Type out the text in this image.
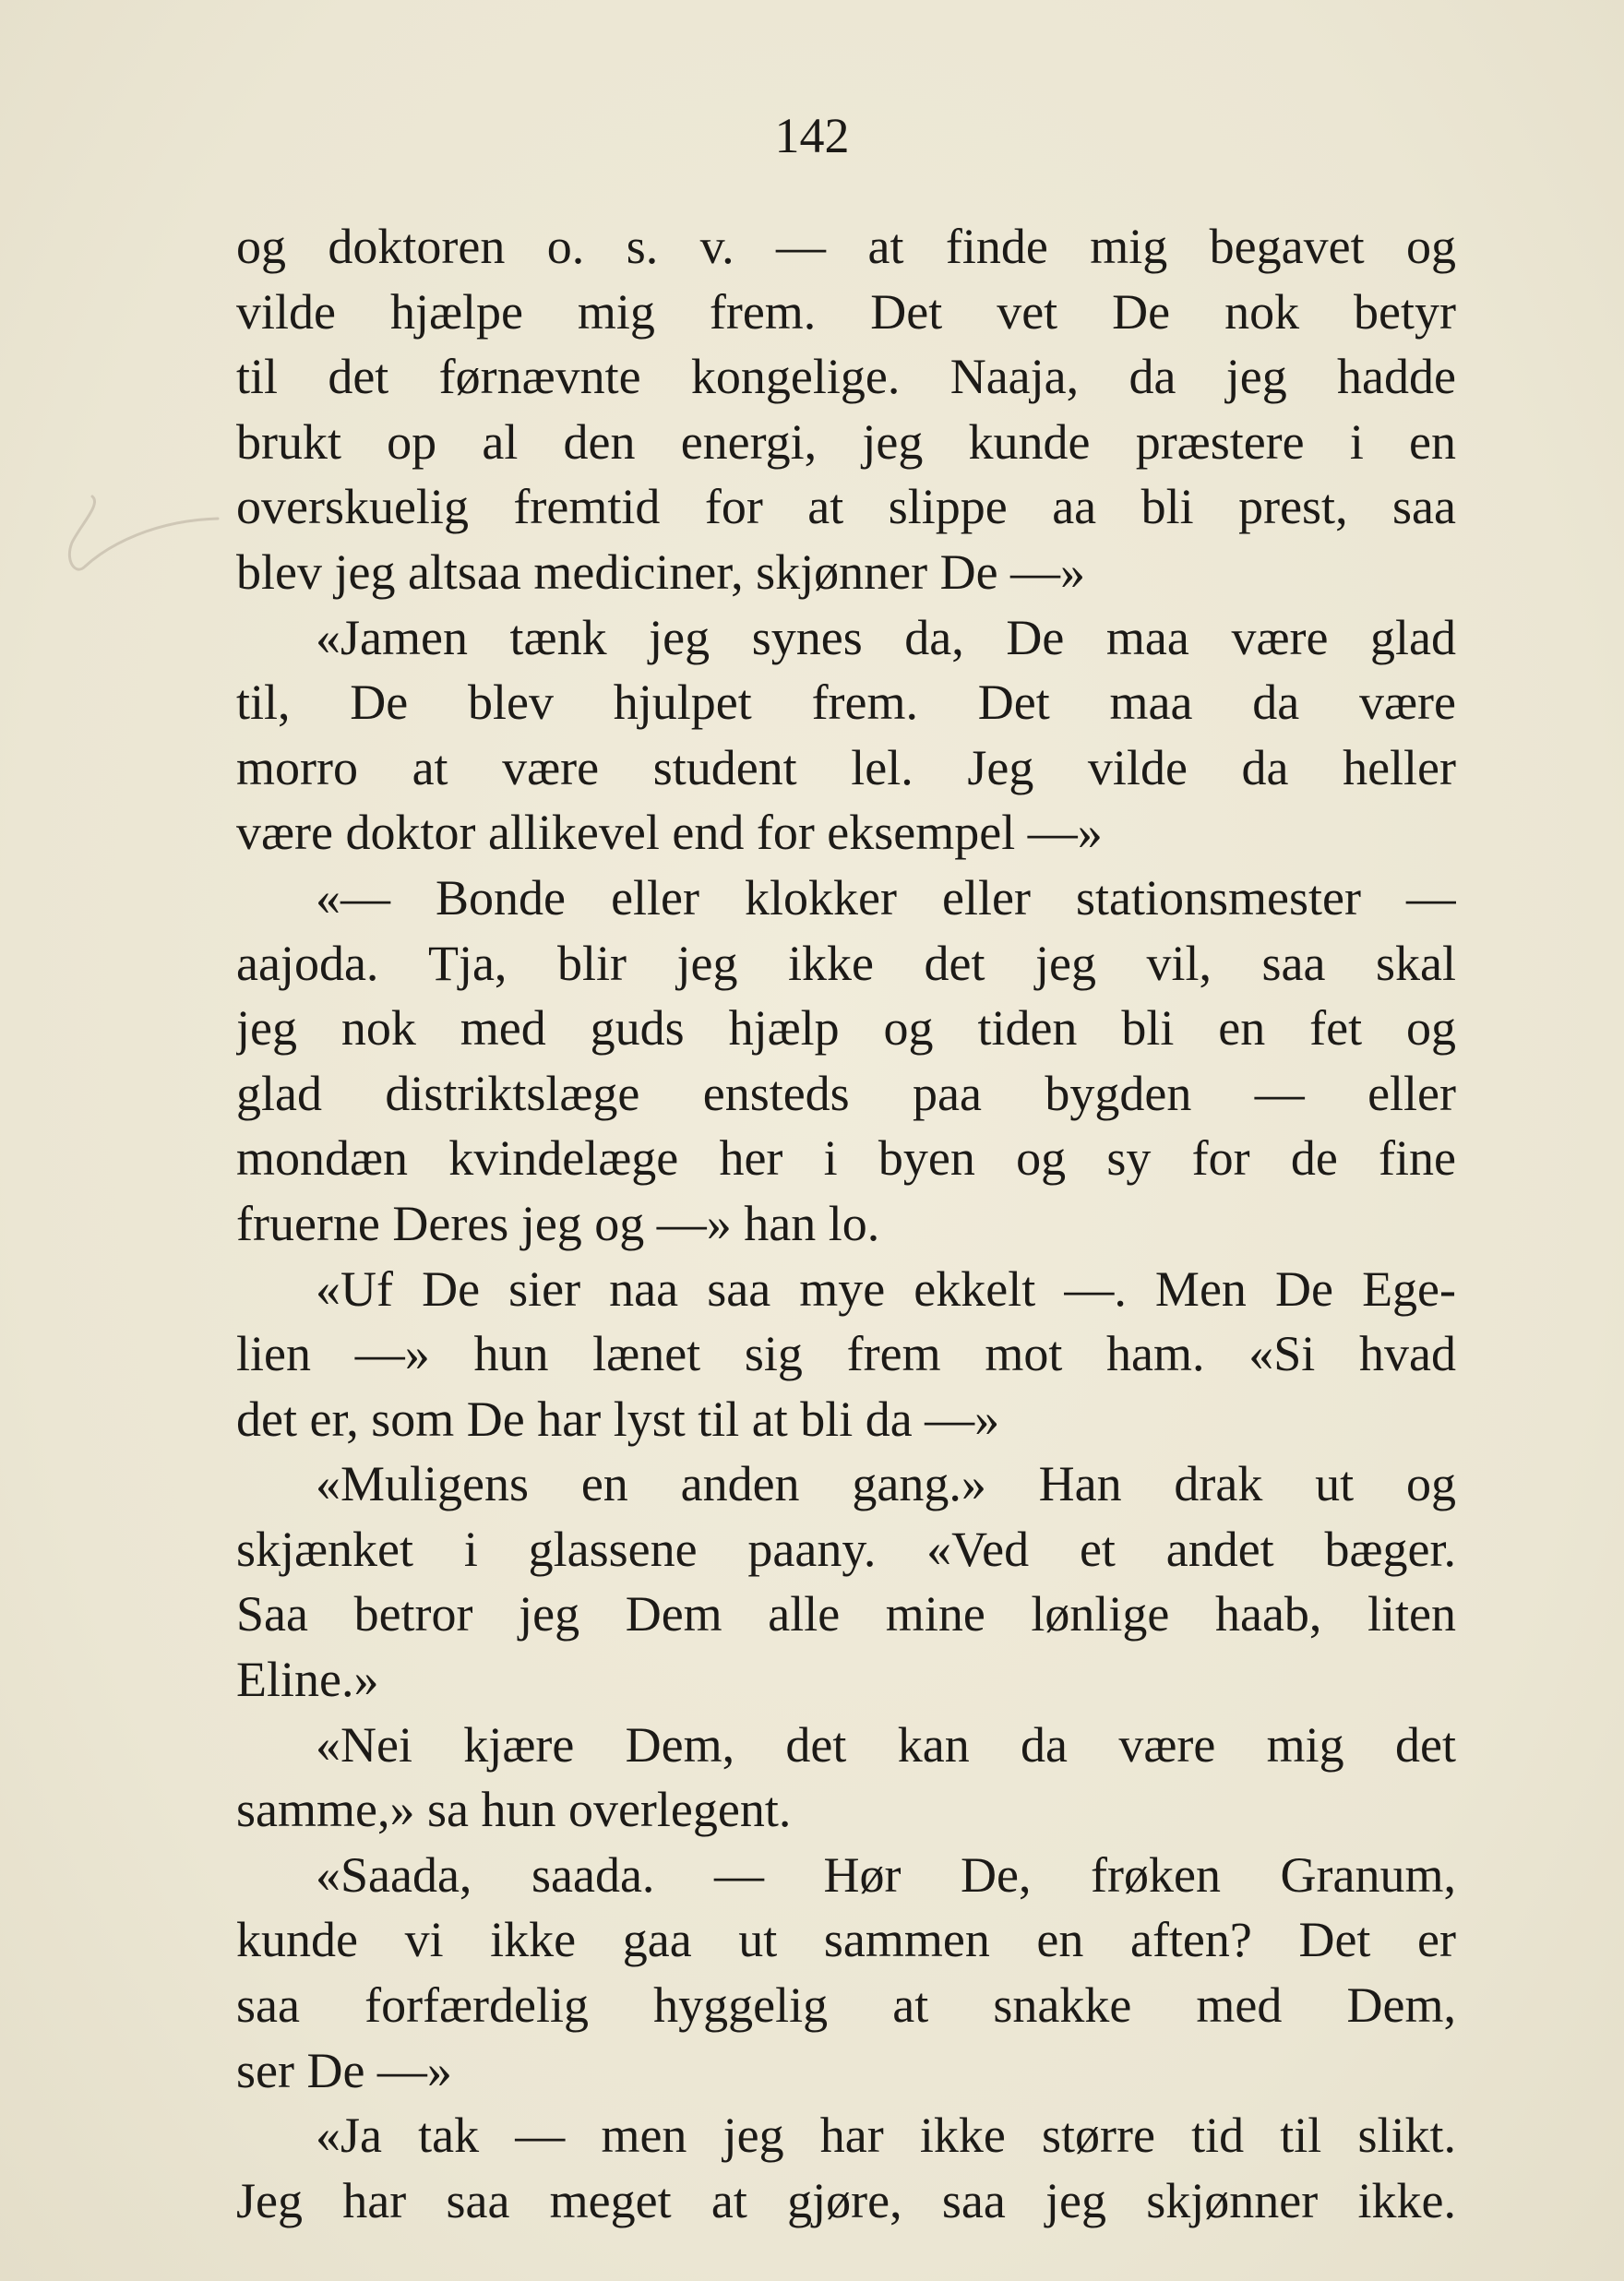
142
og doktoren o. s. v. — at finde mig begavet og
vilde hjælpe mig frem. Det vet De nok betyr
til det førnævnte kongelige. Naaja, da jeg hadde
brukt op al den energi, jeg kunde præstere i en
overskuelig fremtid for at slippe aa bli prest, saa
blev jeg altsaa mediciner, skjønner De —»
«Jamen tænk jeg synes da, De maa være glad
til, De blev hjulpet frem. Det maa da være
morro at være student lel. Jeg vilde da heller
være doktor allikevel end for eksempel —»
«— Bonde eller klokker eller stationsmester —
aajoda. Tja, blir jeg ikke det jeg vil, saa skal
jeg nok med guds hjælp og tiden bli en fet og
glad distriktslæge ensteds paa bygden — eller
mondæn kvindelæge her i byen og sy for de fine
fruerne Deres jeg og —» han lo.
«Uf De sier naa saa mye ekkelt —. Men De Ege-
lien —» hun lænet sig frem mot ham. «Si hvad
det er, som De har lyst til at bli da —»
«Muligens en anden gang.» Han drak ut og
skjænket i glassene paany. «Ved et andet bæger.
Saa betror jeg Dem alle mine lønlige haab, liten
Eline.»
«Nei kjære Dem, det kan da være mig det
samme,» sa hun overlegent.
«Saada, saada. — Hør De, frøken Granum,
kunde vi ikke gaa ut sammen en aften? Det er
saa forfærdelig hyggelig at snakke med Dem,
ser De —»
«Ja tak — men jeg har ikke større tid til slikt.
Jeg har saa meget at gjøre, saa jeg skjønner ikke.
